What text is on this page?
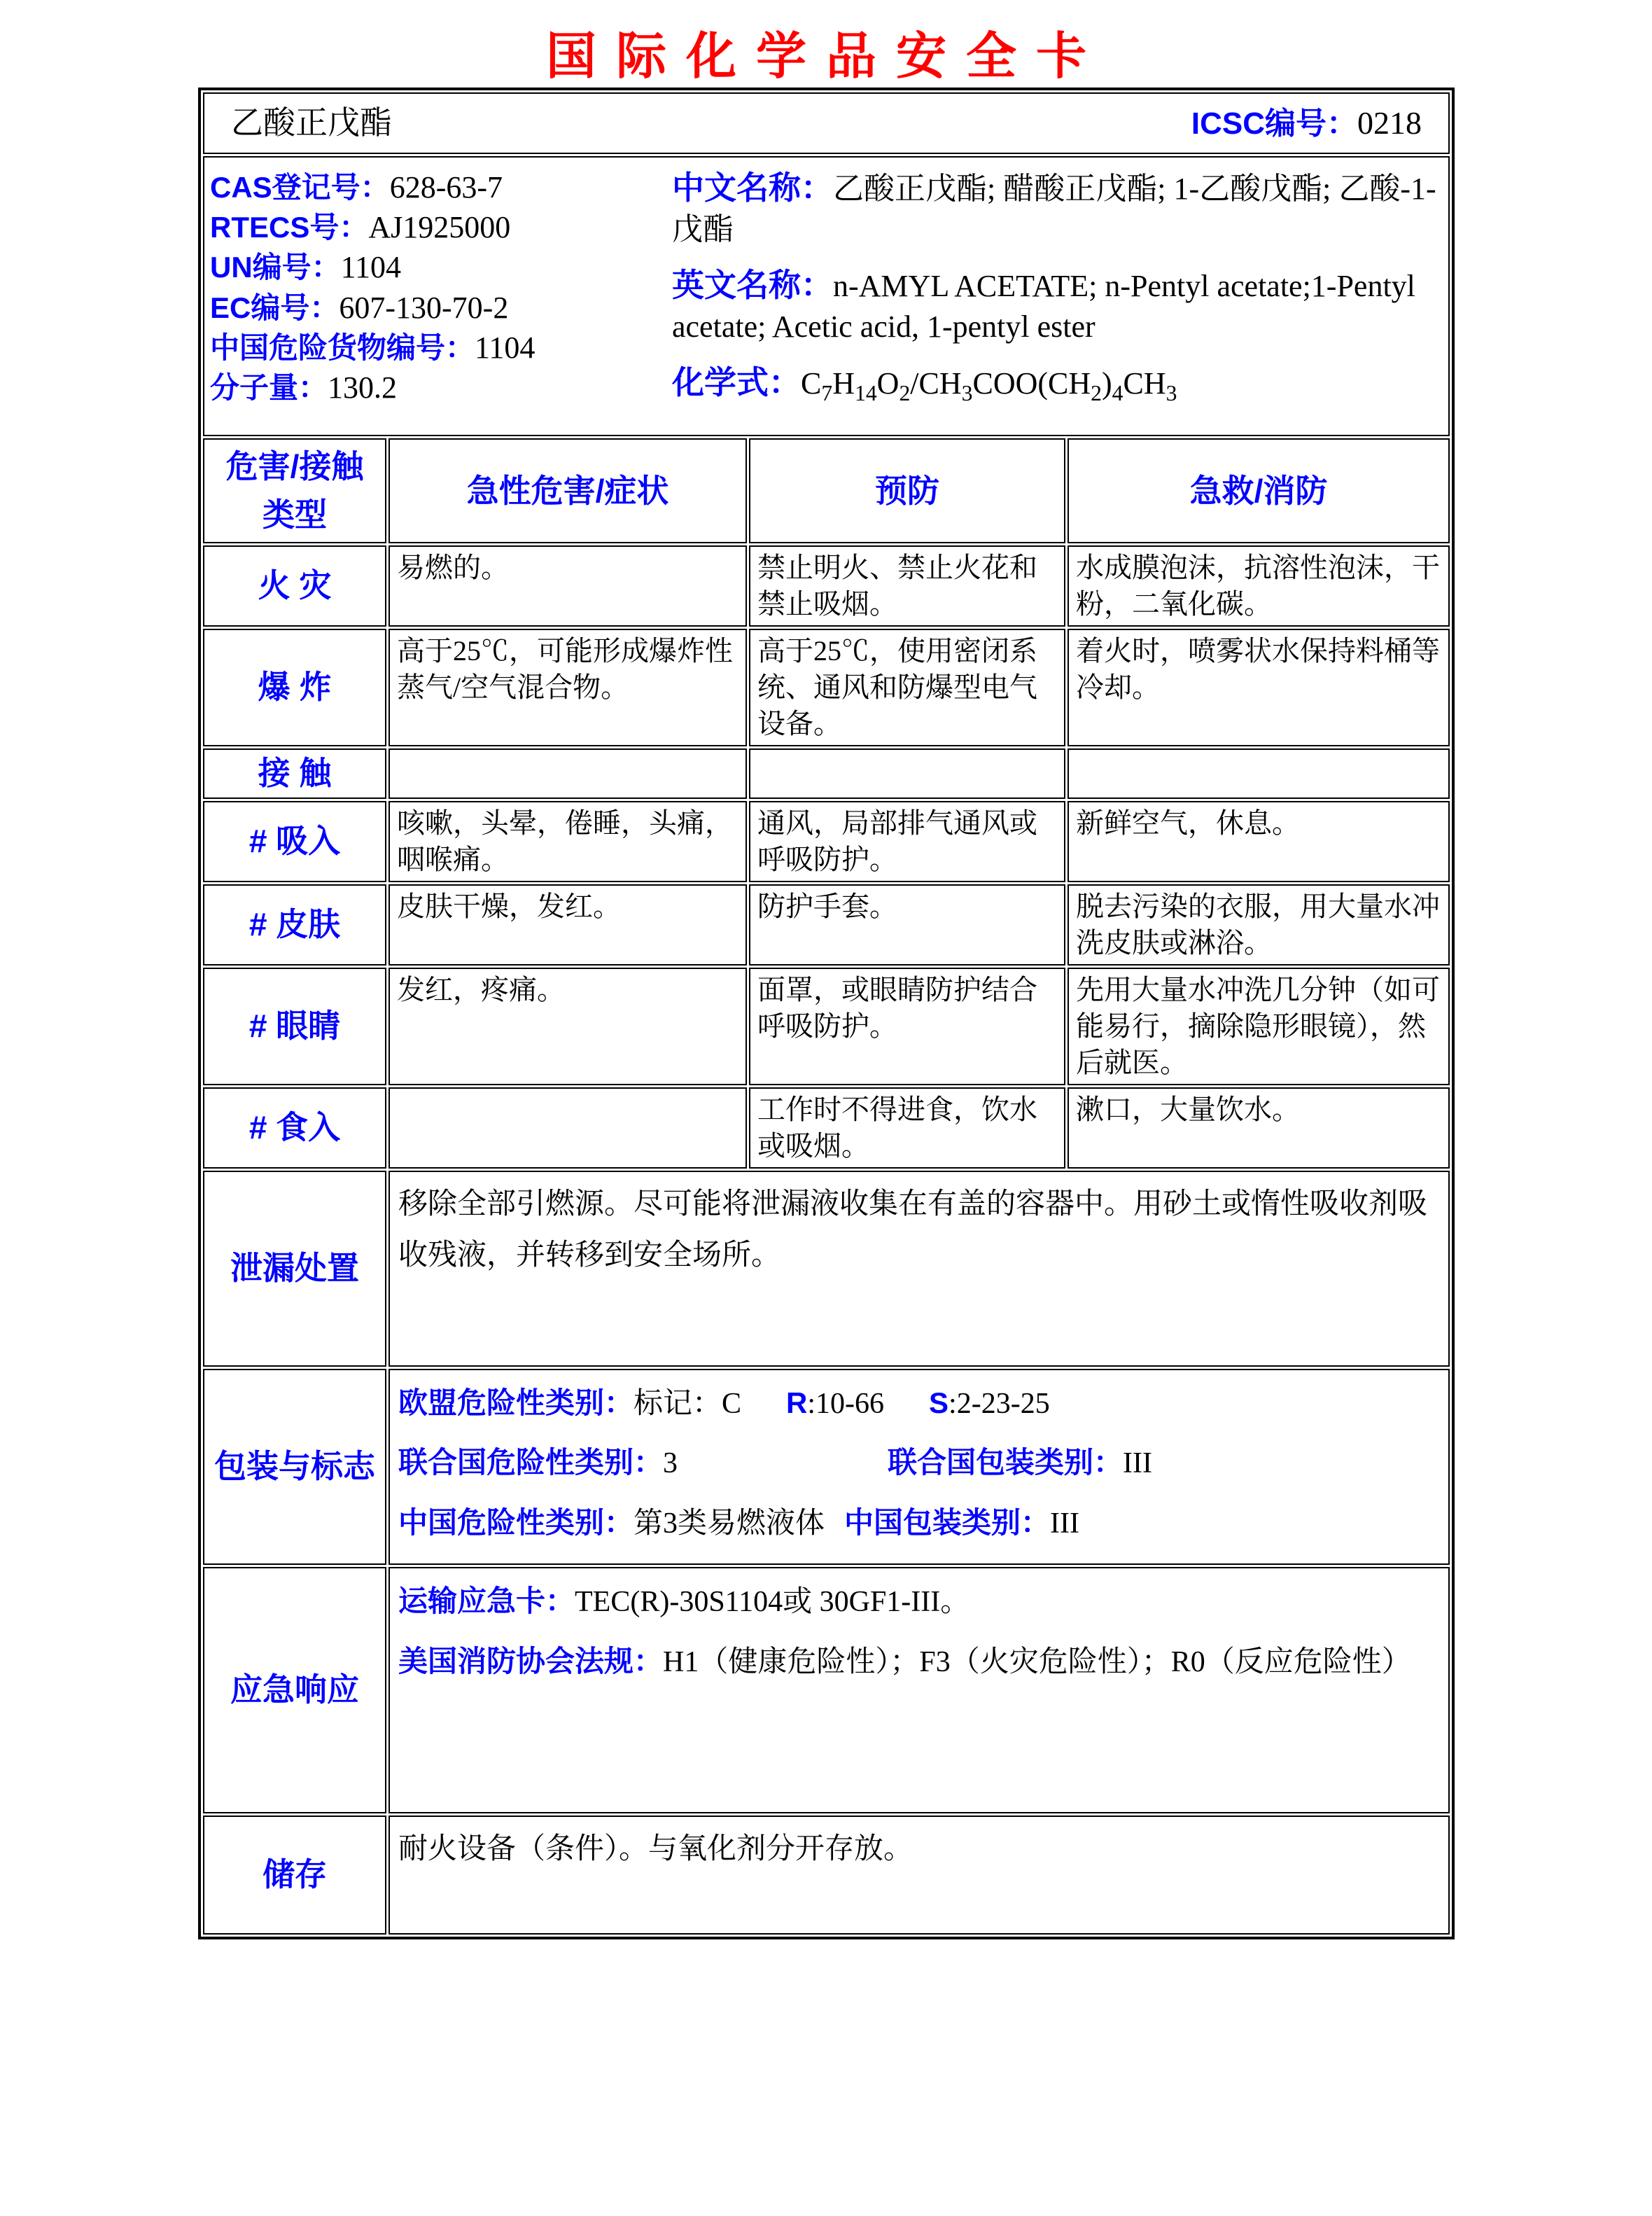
国际化学品安全卡
乙酸正戊酯 ICSC编号：0218			

CAS登记号：628-63-7
RTECS号：AJ1925000
UN编号：1104
EC编号：607-130-70-2
中国危险货物编号：1104
分子量：130.2
中文名称：乙酸正戊酯; 醋酸正戊酯; 1-乙酸戊酯; 乙酸-1-戊酯
英文名称：n-AMYL ACETATE; n-Pentyl acetate;1-Pentyl acetate; Acetic acid, 1-pentyl ester
化学式：$C_7H_{14}O_2/CH_3COO(CH_2)_4CH_3$

危害/接触
类型	急性危害/症状	预防	急救/消防
火 灾	易燃的。	禁止明火、禁止火花和禁止吸烟。	水成膜泡沫，抗溶性泡沫，干粉，二氧化碳。
爆 炸	高于25℃，可能形成爆炸性蒸气/空气混合物。	高于25℃，使用密闭系统、通风和防爆型电气设备。	着火时，喷雾状水保持料桶等冷却。
接 触			
# 吸入	咳嗽，头晕，倦睡，头痛，咽喉痛。	通风，局部排气通风或呼吸防护。	新鲜空气，休息。
# 皮肤	皮肤干燥，发红。	防护手套。	脱去污染的衣服，用大量水冲洗皮肤或淋浴。
# 眼睛	发红，疼痛。	面罩，或眼睛防护结合呼吸防护。	先用大量水冲洗几分钟（如可能易行，摘除隐形眼镜），然后就医。
# 食入		工作时不得进食，饮水或吸烟。	漱口，大量饮水。
泄漏处置	移除全部引燃源。尽可能将泄漏液收集在有盖的容器中。用砂土或惰性吸收剂吸收残液，并转移到安全场所。		

包装与标志	欧盟危险性类别：标记：C R:10-66 S:2-23-25

联合国危险性类别：3 联合国包装类别：III

中国危险性类别：第3类易燃液体 中国包装类别：III		

应急响应	运输应急卡：TEC(R)-30S1104或 30GF1-III。

美国消防协会法规：H1（健康危险性）；F3（火灾危险性）；R0（反应危险性）		

储存	耐火设备（条件）。与氧化剂分开存放。		
